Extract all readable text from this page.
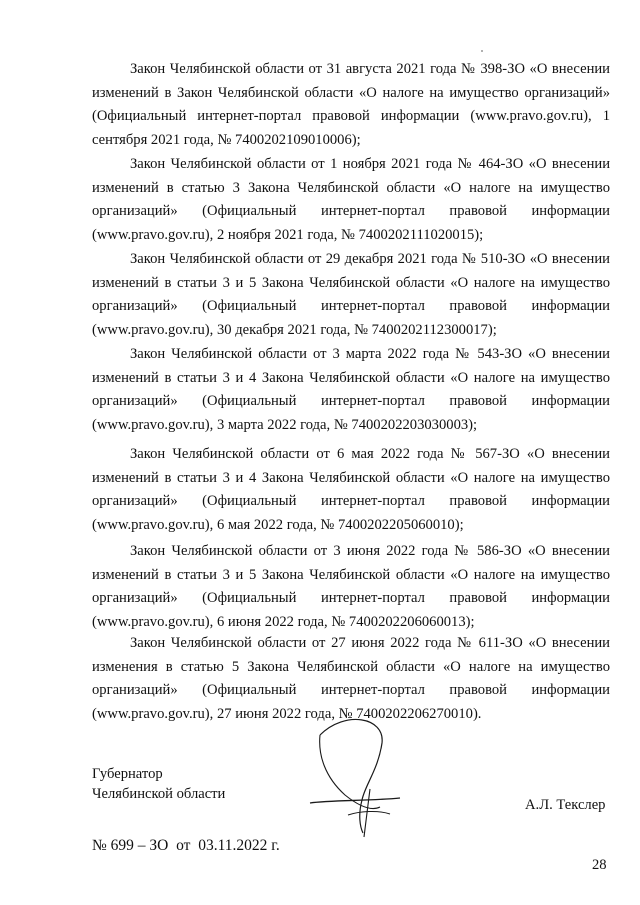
Закон Челябинской области от 31 августа 2021 года № 398-ЗО «О внесении изменений в Закон Челябинской области «О налоге на имущество организаций» (Официальный интернет-портал правовой информации (www.pravo.gov.ru), 1 сентября 2021 года, № 7400202109010006);

Закон Челябинской области от 1 ноября 2021 года № 464-ЗО «О внесении изменений в статью 3 Закона Челябинской области «О налоге на имущество организаций» (Официальный интернет-портал правовой информации (www.pravo.gov.ru), 2 ноября 2021 года, № 7400202111020015);

Закон Челябинской области от 29 декабря 2021 года № 510-ЗО «О внесении изменений в статьи 3 и 5 Закона Челябинской области «О налоге на имущество организаций» (Официальный интернет-портал правовой информации (www.pravo.gov.ru), 30 декабря 2021 года, № 7400202112300017);

Закон Челябинской области от 3 марта 2022 года № 543-ЗО «О внесении изменений в статьи 3 и 4 Закона Челябинской области «О налоге на имущество организаций» (Официальный интернет-портал правовой информации (www.pravo.gov.ru), 3 марта 2022 года, № 7400202203030003);

Закон Челябинской области от 6 мая 2022 года № 567-ЗО «О внесении изменений в статьи 3 и 4 Закона Челябинской области «О налоге на имущество организаций» (Официальный интернет-портал правовой информации (www.pravo.gov.ru), 6 мая 2022 года, № 7400202205060010);

Закон Челябинской области от 3 июня 2022 года № 586-ЗО «О внесении изменений в статьи 3 и 5 Закона Челябинской области «О налоге на имущество организаций» (Официальный интернет-портал правовой информации (www.pravo.gov.ru), 6 июня 2022 года, № 7400202206060013);

Закон Челябинской области от 27 июня 2022 года № 611-ЗО «О внесении изменения в статью 5 Закона Челябинской области «О налоге на имущество организаций» (Официальный интернет-портал правовой информации (www.pravo.gov.ru), 27 июня 2022 года, № 7400202206270010).

Губернатор
Челябинской области
А.Л. Текслер
№ 699 – ЗО  от  03.11.2022 г.
28
